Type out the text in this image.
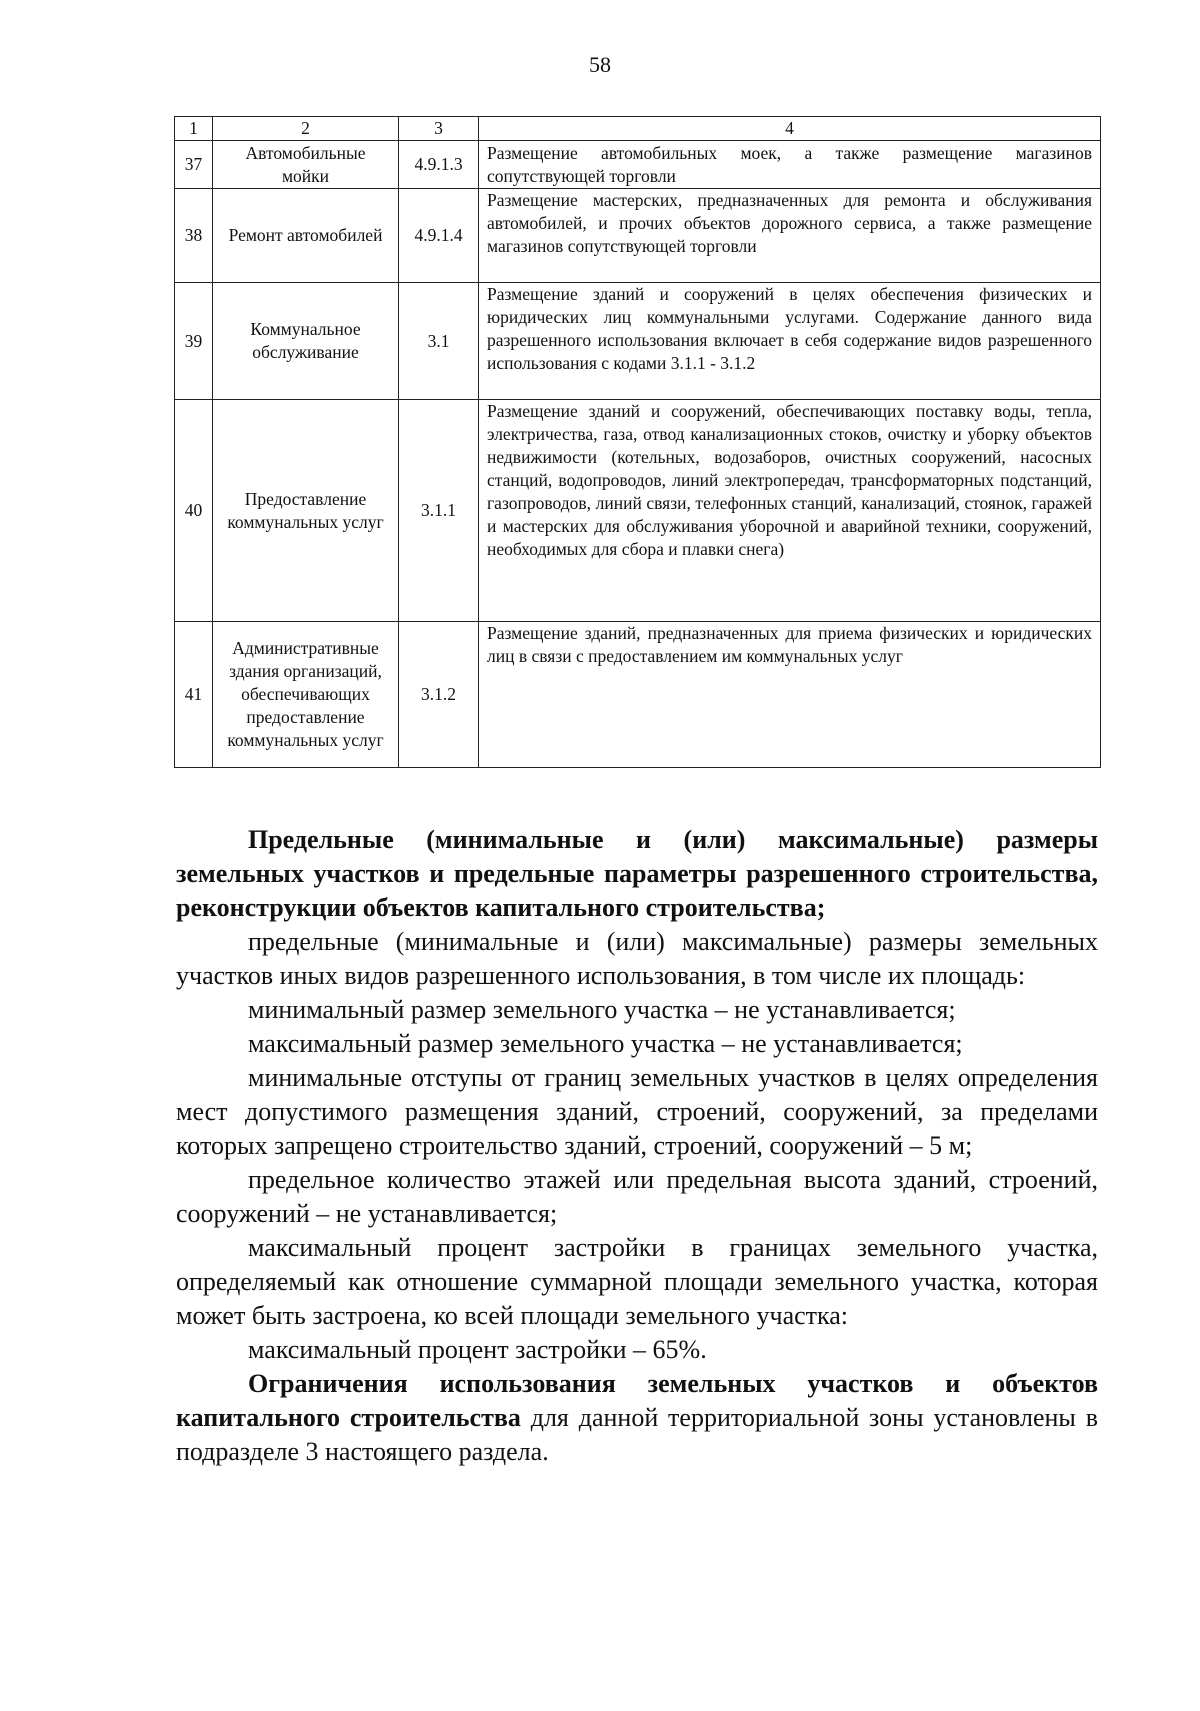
58
1	2	3	4
37	Автомобильные мойки	4.9.1.3	Размещение автомобильных моек, а также размещение магазинов сопутствующей торговли
38	Ремонт автомобилей	4.9.1.4	Размещение мастерских, предназначенных для ремонта и обслуживания автомобилей, и прочих объектов дорожного сервиса, а также размещение магазинов сопутствующей торговли
39	Коммунальное обслуживание	3.1	Размещение зданий и сооружений в целях обеспечения физических и юридических лиц коммунальными услугами. Содержание данного вида разрешенного использования включает в себя содержание видов разрешенного использования с кодами 3.1.1 - 3.1.2
40	Предоставление коммунальных услуг	3.1.1	Размещение зданий и сооружений, обеспечивающих поставку воды, тепла, электричества, газа, отвод канализационных стоков, очистку и уборку объектов недвижимости (котельных, водозаборов, очистных сооружений, насосных станций, водопроводов, линий электропередач, трансформаторных подстанций, газопроводов, линий связи, телефонных станций, канализаций, стоянок, гаражей и мастерских для обслуживания уборочной и аварийной техники, сооружений, необходимых для сбора и плавки снега)
41	Административные здания организаций, обеспечивающих предоставление коммунальных услуг	3.1.2	Размещение зданий, предназначенных для приема физических и юридических лиц в связи с предоставлением им коммунальных услуг

Предельные (минимальные и (или) максимальные) размеры земельных участков и предельные параметры разрешенного строительства, реконструкции объектов капитального строительства;

предельные (минимальные и (или) максимальные) размеры земельных участков иных видов разрешенного использования, в том числе их площадь:

минимальный размер земельного участка – не устанавливается;

максимальный размер земельного участка – не устанавливается;

минимальные отступы от границ земельных участков в целях определения мест допустимого размещения зданий, строений, сооружений, за пределами которых запрещено строительство зданий, строений, сооружений – 5 м;

предельное количество этажей или предельная высота зданий, строений, сооружений – не устанавливается;

максимальный процент застройки в границах земельного участка, определяемый как отношение суммарной площади земельного участка, которая может быть застроена, ко всей площади земельного участка:

максимальный процент застройки – 65%.

Ограничения использования земельных участков и объектов капитального строительства для данной территориальной зоны установлены в подразделе 3 настоящего раздела.
